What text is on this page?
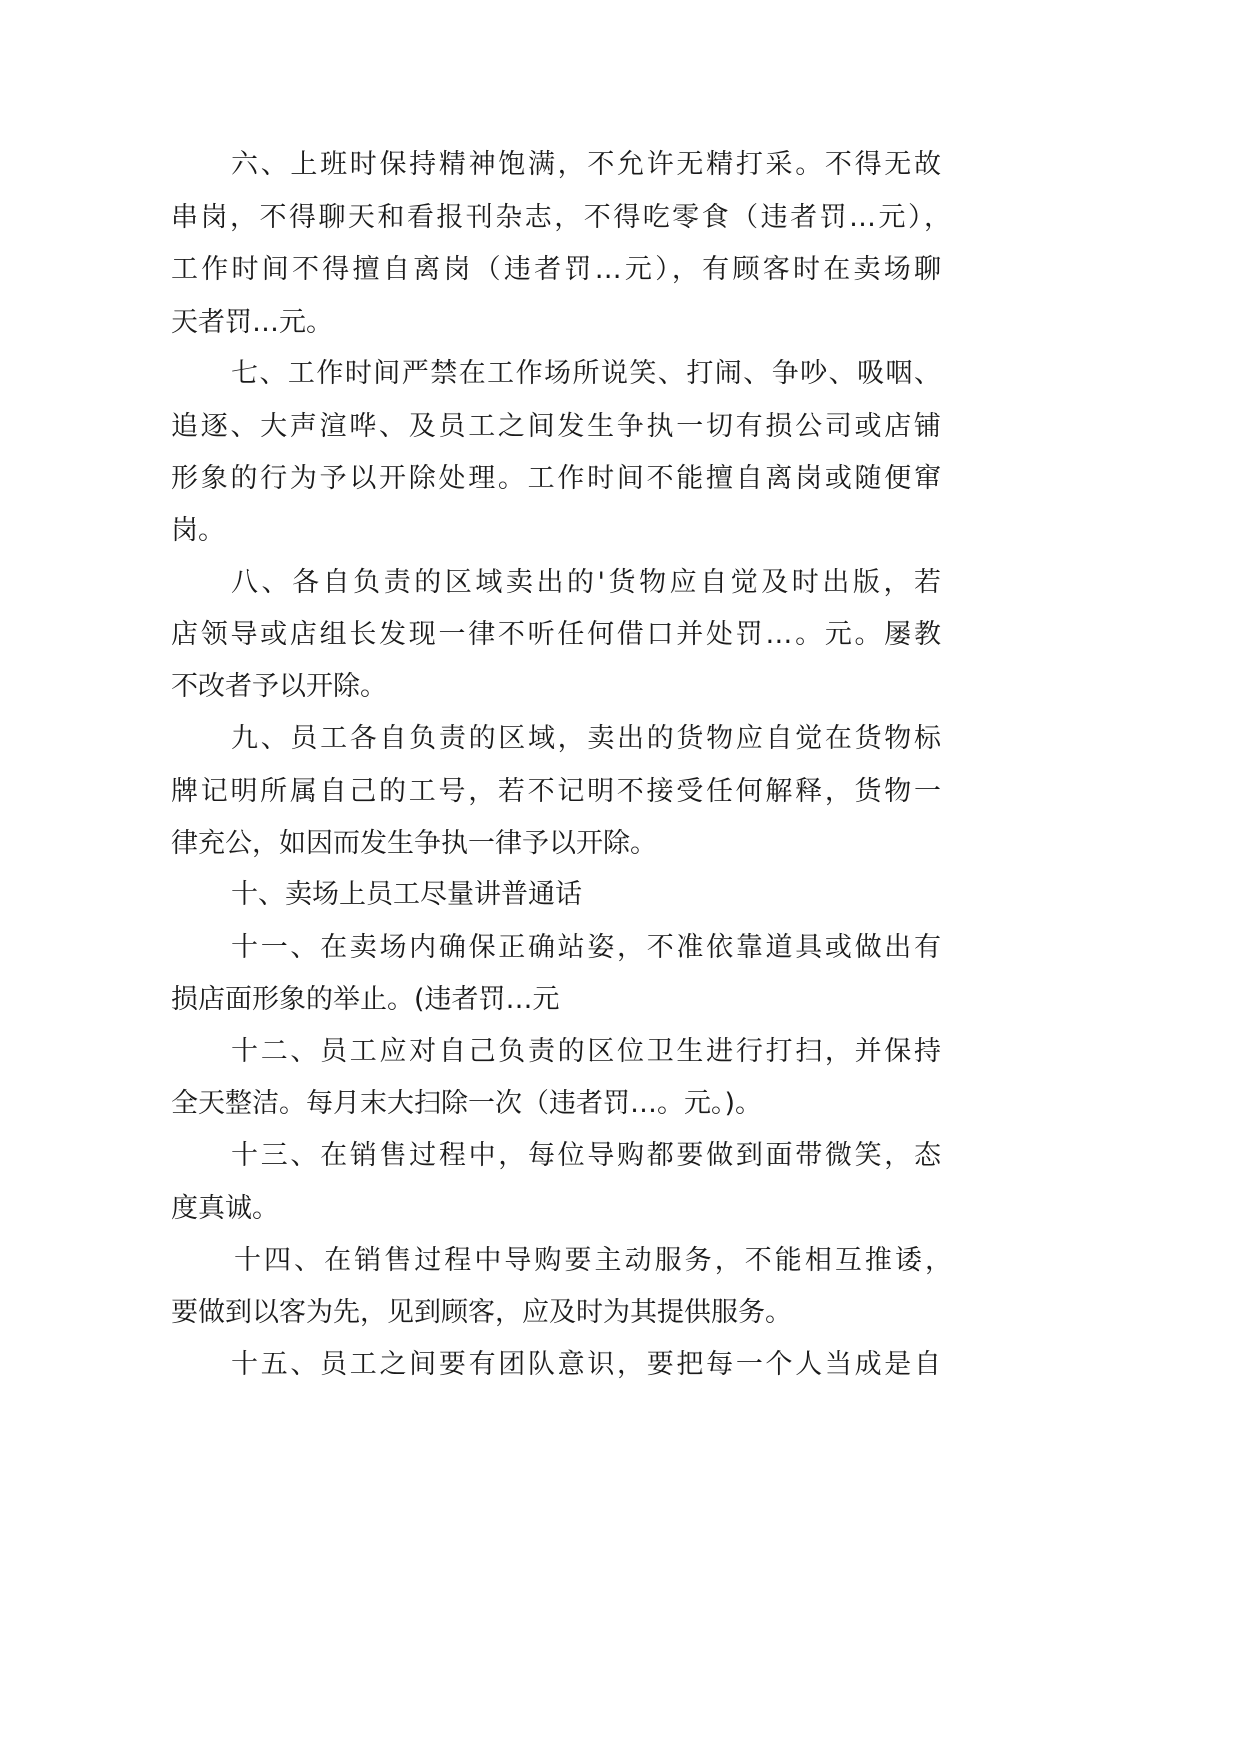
六、上班时保持精神饱满，不允许无精打采。不得无故

串岗，不得聊天和看报刊杂志，不得吃零食（违者罚…元），

工作时间不得擅自离岗（违者罚…元），有顾客时在卖场聊

天者罚…元。

七、工作时间严禁在工作场所说笑、打闹、争吵、吸咽、

追逐、大声渲哗、及员工之间发生争执一切有损公司或店铺

形象的行为予以开除处理。工作时间不能擅自离岗或随便窜

岗。

八、各自负责的区域卖出的'货物应自觉及时出版，若

店领导或店组长发现一律不听任何借口并处罚…。元。屡教

不改者予以开除。

九、员工各自负责的区域，卖出的货物应自觉在货物标

牌记明所属自己的工号，若不记明不接受任何解释，货物一

律充公，如因而发生争执一律予以开除。

十、卖场上员工尽量讲普通话

十一、在卖场内确保正确站姿，不准依靠道具或做出有

损店面形象的举止。(违者罚…元

十二、员工应对自己负责的区位卫生进行打扫，并保持

全天整洁。每月末大扫除一次（违者罚…。元。)。

十三、在销售过程中，每位导购都要做到面带微笑，态

度真诚。

十四、在销售过程中导购要主动服务，不能相互推诿，

要做到以客为先，见到顾客，应及时为其提供服务。

十五、员工之间要有团队意识，要把每一个人当成是自
